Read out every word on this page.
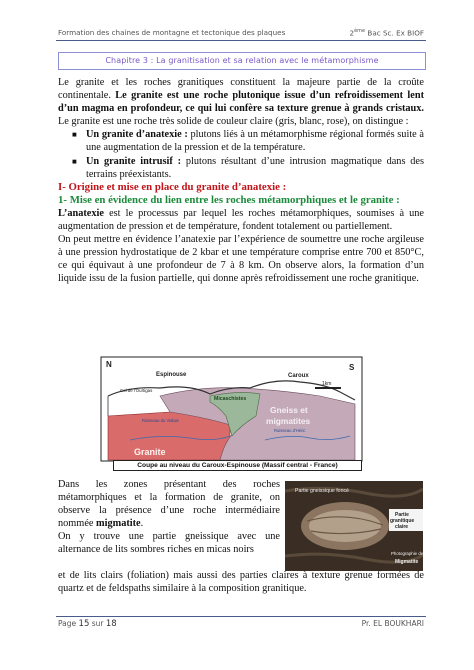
Formation des chaines de montagne et tectonique des plaques	2ème Bac Sc. Ex BIOF
Chapitre 3 : La granitisation et sa relation avec le métamorphisme

Le granite et les roches granitiques constituent la majeure partie de la croûte continentale. Le granite est une roche plutonique issue d’un refroidissement lent d’un magma en profondeur, ce qui lui confère sa texture grenue à grands cristaux. Le granite est une roche très solide de couleur claire (gris, blanc, rose), on distingue :

■ Un granite d’anatexie : plutons liés à un métamorphisme régional formés suite à une augmentation de la pression et de la température.
■ Un granite intrusif : plutons résultant d’une intrusion magmatique dans des terrains préexistants.

I- Origine et mise en place du granite d’anatexie :

1- Mise en évidence du lien entre les roches métamorphiques et le granite :

L’anatexie est le processus par lequel les roches métamorphiques, soumises à une augmentation de pression et de température, fondent totalement ou partiellement.

On peut mettre en évidence l’anatexie par l’expérience de soumettre une roche argileuse à une pression hydrostatique de 2 kbar et une température comprise entre 700 et 850°C, ce qui équivaut à une profondeur de 7 à 8 km. On observe alors, la formation d’un liquide issu de la fusion partielle, qui donne après refroidissement une roche granitique.

N	S
Espinouse	Caroux
Col de l'Ourtigas
1km
Micaschistes
Gneiss et
migmatites
Granite
Ruisseau du Vialais
Ruisseau d'Héric
Coupe au niveau du Caroux-Espinouse (Massif central - France)

Dans les zones présentant des roches métamorphiques et la formation de granite, on observe la présence d’une roche intermédiaire nommée migmatite.

On y trouve une partie gneissique avec une alternance de lits sombres riches en micas noirs

Partie gneissique foncé
Partie
granitique
claire
Photographie de
Migmatite
et de lits clairs (foliation) mais aussi des parties claires à texture grenue formées de quartz et de feldspaths similaire à la composition granitique.
Page 15 sur 18	Pr. EL BOUKHARI
